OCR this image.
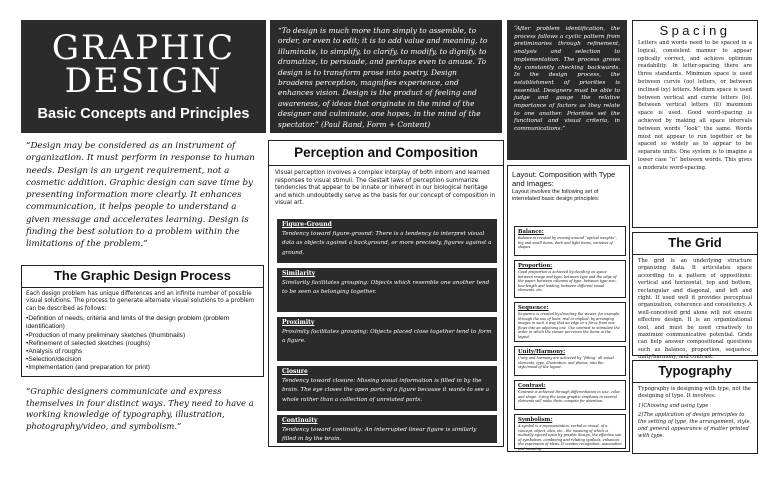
GRAPHIC
DESIGN
Basic Concepts and Principles
“To design is much more than simply to assemble, to order, or even to edit; it is to add value and meaning, to illuminate, to simplify, to clarify, to modify, to dignify, to dramatize, to persuade, and perhaps even to amuse. To design is to transform prose into poetry. Design broadens perception, magnifies experience, and enhances vision. Design is the product of feeling and awareness, of ideas that originate in the mind of the designer and culminate, one hopes, in the mind of the spectator.” (Paul Rand, Form + Content)
“After problem identification, the process follows a cyclic pattern from preliminaries through refinement, analysis and selection to implementation. The process grows by constantly checking backwards. In the design process, the establishment of priorities is essential. Designers must be able to judge and gauge the relative importance of factors as they relate to one another. Priorities set the functional and visual criteria, in communications.”
“Design may be considered as an instrument of organization. It must perform in response to human needs. Design is an urgent requirement, not a cosmetic addition. Graphic design can save time by presenting information more clearly. It enhances communication, it helps people to understand a given message and accelerates learning. Design is finding the best solution to a problem within the limitations of the problem.”
The Graphic Design Process
Each design problem has unique differences and an infinite number of possible visual solutions. The process to generate alternate visual solutions to a problem can be described as follows:
• Definition of needs, criteria and limits of the design problem (problem identification)
• Production of many preliminary sketches (thumbnails)
• Refinement of selected sketches (roughs)
• Analysis of roughs
• Selection/decision
• Implementation (and preparation for print)
“Graphic designers communicate and express themselves in four distinct ways. They need to have a working knowledge of typography, illustration, photography/video, and symbolism.”
Perception and Composition
Visual perception involves a complex interplay of both inborn and learned responses to visual stimuli. The Gestalt laws of perception summarize tendencies that appear to be innate or inherent in our biological heritage and which undoubtedly serve as the basis for our concept of composition in visual art.
Figure-Ground
Tendency toward figure-ground: There is a tendency to interpret visual data as objects against a background, or more precisely, figures against a ground.
Similarity
Similarity facilitates grouping: Objects which resemble one another tend to be seen as belonging together.
Proximity
Proximity facilitates grouping: Objects placed close together tend to form a figure.
Closure
Tendency toward closure: Missing visual information is filled in by the brain. The eye closes the open parts of a figure because it wants to see a whole rather than a collection of unrelated parts.
Continuity
Tendency toward continuity: An interrupted linear figure is similarly filled in by the brain.
Layout: Composition with Type and Images:
Layout involves the following set of interrelated basic design principles:
Balance:
Balance is created by moving around “optical weights”, big and small items, dark and light items, varieties of shapes.
Proportion:
Good proportion is achieved by deciding on space between image and type, between type and the edge of the paper, between columns of type, between type size, line-length and leading, between different visual elements, etc.
Sequence:
Sequence is created by directing the viewer, for example, through the use of lines, real or implied, by arranging images in such a way that an edge or a force from one flows into an adjoining one. Use contrast to stimulate the order in which the viewer perceives the items in the layout.
Unity/Harmony:
Unity and harmony are achieved by “fitting” all visual elements, type, illustration, and photos, into the style/mood of the layout.
Contrast:
Contrast is achieved through differentiation in size, color, and shape. Using the same graphic emphasis in several elements will make them compete for attention.
Symbolism:
A symbol is a representation, verbal or visual, of a concept, object, idea, etc., the meaning of which is mutually agreed upon by graphic design, the effective use of symbolism, combining and relating symbols, enhances the expression of ideas. It creates recognition, association and meaning.
Spacing
Letters and words need to be spaced in a logical, consistent manner to appear optically correct, and achieve optimum readability. In letter-spacing there are three standards. Minimum space is used between curvie (oo) letters, or between inclined (xy) letters. Medium space is used between vertical and curvie letters (lo). Between vertical letters (ll) maximum space is used. Good word-spacing is achieved by making all space intervals between words “look” the same. Words must not appear to run together or be spaced so widely as to appear to be separate units. One system is to imagine a lower case “n” between words. This gives a moderate word-spacing.
The Grid
The grid is an underlying structure organizing data. It articulates space according to a pattern of oppositions: vertical and horizontal, top and bottom, rectangular and diagonal, and left and right. If used well it provides perceptual organization, coherence and consistency. A well-conceived grid alone will not ensure effective design. It is an organizational tool, and must be used creatively to maximize communicative potential. Grids can help answer compositional questions such as balance, proportion, sequence, unity/harmony, and contrast.
Typography
Typography is designing with type, not the designing of type. It involves:
1)Choosing and using type
2)The application of design principles to the setting of type, the arrangement, style, and general appearance of matter printed with type.
